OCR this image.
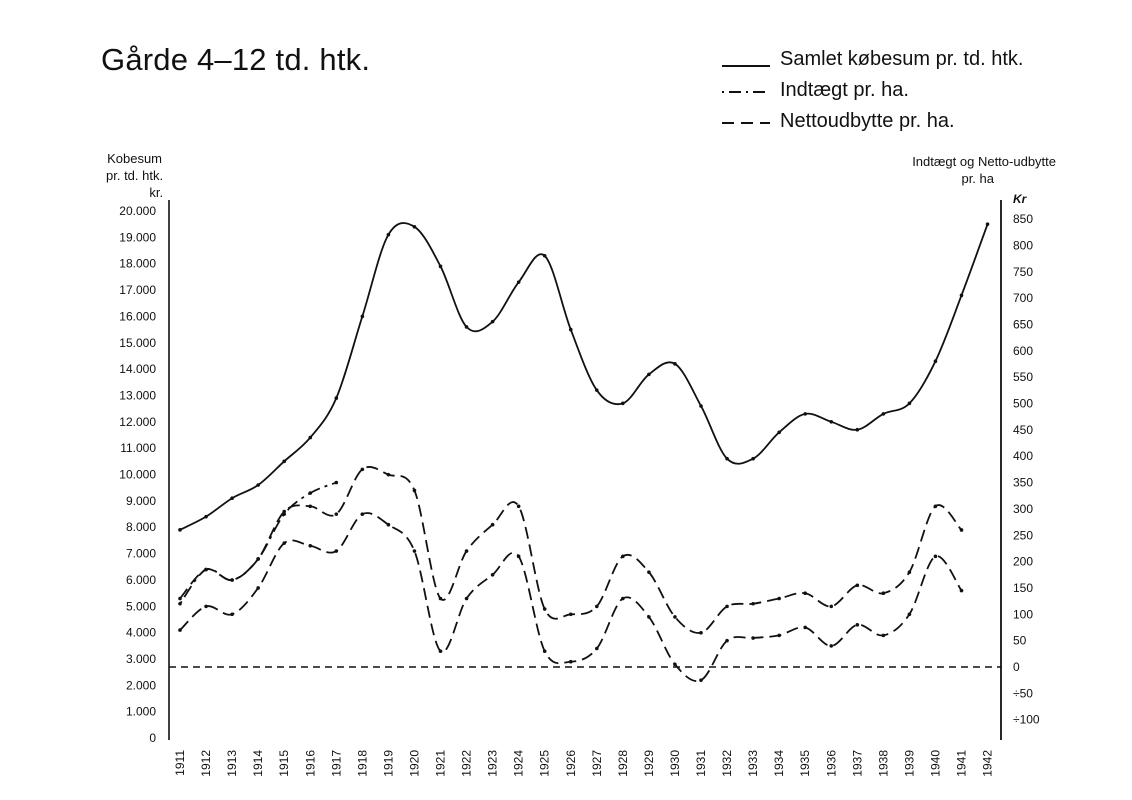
Gårde 4–12 td. htk.	Samlet købesum pr. td. htk.
Indtægt pr. ha.
Nettoudbytte pr. ha.
Kobesum
pr. td. htk.
kr.
Indtægt og Netto-udbytte
pr. ha
0
1.000
2.000
3.000
4.000
5.000
6.000
7.000
8.000
9.000
10.000
11.000
12.000
13.000
14.000
15.000
16.000
17.000
18.000
19.000
20.000
÷100
÷50
0
50
100
150
200
250
300
350
400
450
500
550
600
650
700
750
800
850
Kr
1911 1912 1913 1914 1915 1916 1917 1918 1919 1920 1921 1922 1923 1924 1925 1926 1927 1928 1929 1930 1931 1932 1933 1934 1935 1936 1937 1938 1939 1940 1941 1942
